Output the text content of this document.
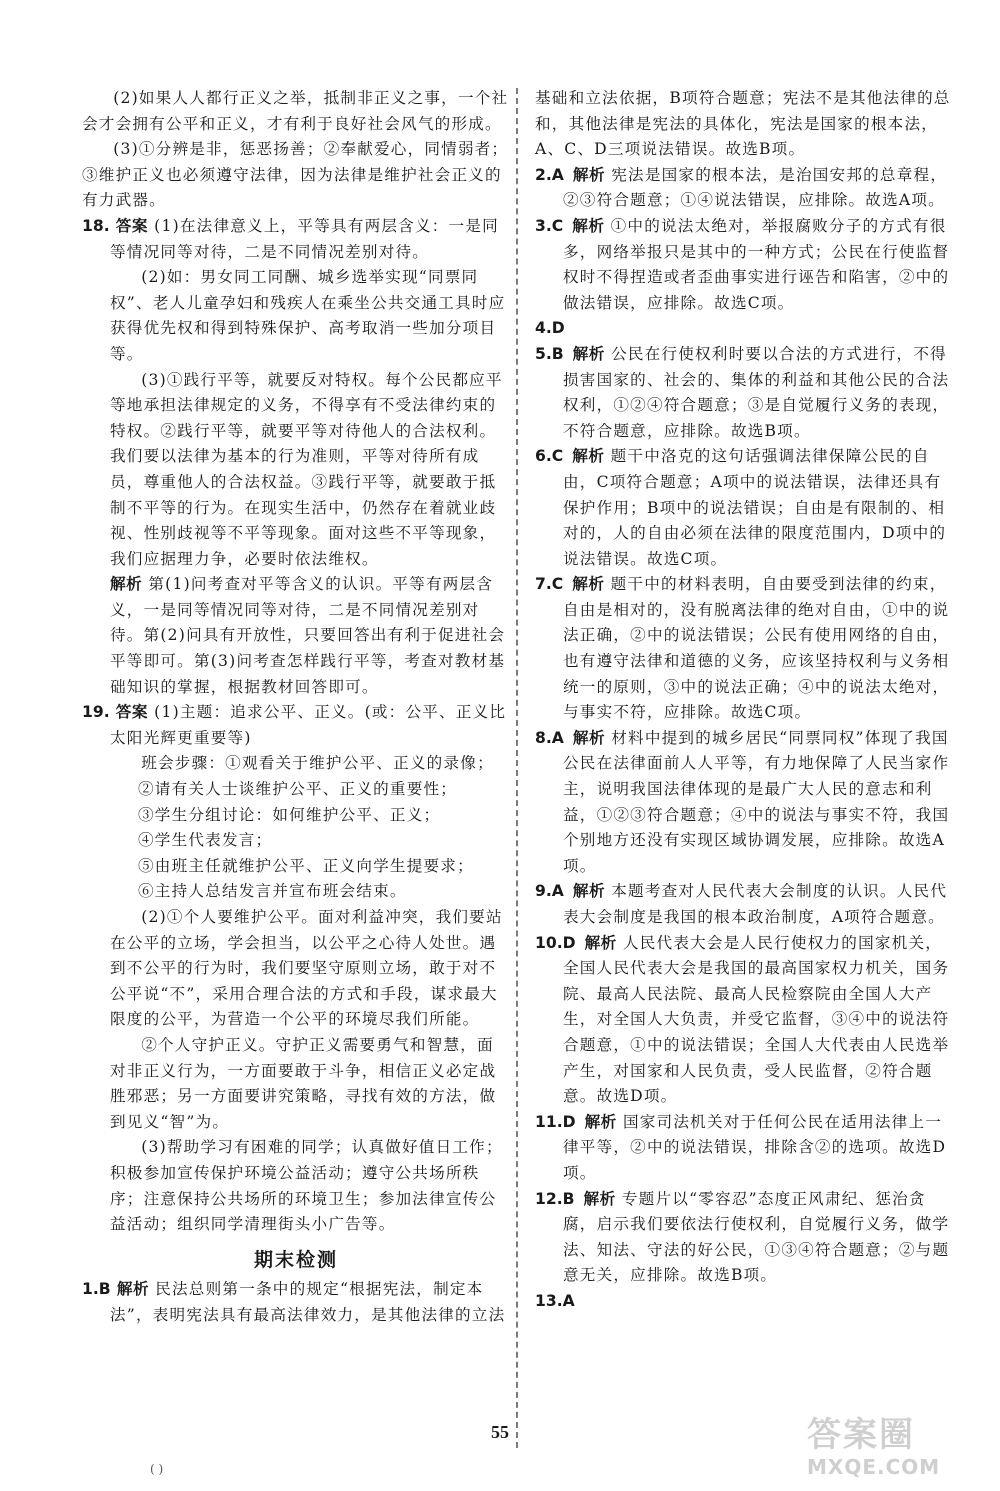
(2)如果人人都行正义之举，抵制非正义之事，一个社会才会拥有公平和正义，才有利于良好社会风气的形成。

(3)①分辨是非，惩恶扬善；②奉献爱心，同情弱者；③维护正义也必须遵守法律，因为法律是维护社会正义的有力武器。

18. 答案 (1)在法律意义上，平等具有两层含义：一是同等情况同等对待，二是不同情况差别对待。

(2)如：男女同工同酬、城乡选举实现“同票同权”、老人儿童孕妇和残疾人在乘坐公共交通工具时应获得优先权和得到特殊保护、高考取消一些加分项目等。

(3)①践行平等，就要反对特权。每个公民都应平等地承担法律规定的义务，不得享有不受法律约束的特权。②践行平等，就要平等对待他人的合法权利。我们要以法律为基本的行为准则，平等对待所有成员，尊重他人的合法权益。③践行平等，就要敢于抵制不平等的行为。在现实生活中，仍然存在着就业歧视、性别歧视等不平等现象。面对这些不平等现象，我们应据理力争，必要时依法维权。

解析 第(1)问考查对平等含义的认识。平等有两层含义，一是同等情况同等对待，二是不同情况差别对待。第(2)问具有开放性，只要回答出有利于促进社会平等即可。第(3)问考查怎样践行平等，考查对教材基础知识的掌握，根据教材回答即可。

19. 答案 (1)主题：追求公平、正义。(或：公平、正义比太阳光辉更重要等)

班会步骤：①观看关于维护公平、正义的录像；

②请有关人士谈维护公平、正义的重要性；

③学生分组讨论：如何维护公平、正义；

④学生代表发言；

⑤由班主任就维护公平、正义向学生提要求；

⑥主持人总结发言并宣布班会结束。

(2)①个人要维护公平。面对利益冲突，我们要站在公平的立场，学会担当，以公平之心待人处世。遇到不公平的行为时，我们要坚守原则立场，敢于对不公平说“不”，采用合理合法的方式和手段，谋求最大限度的公平，为营造一个公平的环境尽我们所能。

②个人守护正义。守护正义需要勇气和智慧，面对非正义行为，一方面要敢于斗争，相信正义必定战胜邪恶；另一方面要讲究策略，寻找有效的方法，做到见义“智”为。

(3)帮助学习有困难的同学；认真做好值日工作；积极参加宣传保护环境公益活动；遵守公共场所秩序；注意保持公共场所的环境卫生；参加法律宣传公益活动；组织同学清理街头小广告等。

期末检测

1.B 解析 民法总则第一条中的规定“根据宪法，制定本法”，表明宪法具有最高法律效力，是其他法律的立法

基础和立法依据，B项符合题意；宪法不是其他法律的总和，其他法律是宪法的具体化，宪法是国家的根本法，A、C、D三项说法错误。故选B项。

2.A  解析 宪法是国家的根本法，是治国安邦的总章程，②③符合题意；①④说法错误，应排除。故选A项。

3.C  解析 ①中的说法太绝对，举报腐败分子的方式有很多，网络举报只是其中的一种方式；公民在行使监督权时不得捏造或者歪曲事实进行诬告和陷害，②中的做法错误，应排除。故选C项。

4.D

5.B  解析 公民在行使权利时要以合法的方式进行，不得损害国家的、社会的、集体的利益和其他公民的合法权利，①②④符合题意；③是自觉履行义务的表现，不符合题意，应排除。故选B项。

6.C  解析 题干中洛克的这句话强调法律保障公民的自由，C项符合题意；A项中的说法错误，法律还具有保护作用；B项中的说法错误；自由是有限制的、相对的，人的自由必须在法律的限度范围内，D项中的说法错误。故选C项。

7.C  解析 题干中的材料表明，自由要受到法律的约束，自由是相对的，没有脱离法律的绝对自由，①中的说法正确，②中的说法错误；公民有使用网络的自由，也有遵守法律和道德的义务，应该坚持权利与义务相统一的原则，③中的说法正确；④中的说法太绝对，与事实不符，应排除。故选C项。

8.A  解析 材料中提到的城乡居民“同票同权”体现了我国公民在法律面前人人平等，有力地保障了人民当家作主，说明我国法律体现的是最广大人民的意志和利益，①②③符合题意；④中的说法与事实不符，我国个别地方还没有实现区域协调发展，应排除。故选A项。

9.A  解析 本题考查对人民代表大会制度的认识。人民代表大会制度是我国的根本政治制度，A项符合题意。

10.D  解析 人民代表大会是人民行使权力的国家机关，全国人民代表大会是我国的最高国家权力机关，国务院、最高人民法院、最高人民检察院由全国人大产生，对全国人大负责，并受它监督，③④中的说法符合题意，①中的说法错误；全国人大代表由人民选举产生，对国家和人民负责，受人民监督，②符合题意。故选D项。

11.D  解析 国家司法机关对于任何公民在适用法律上一律平等，②中的说法错误，排除含②的选项。故选D项。

12.B  解析 专题片以“零容忍”态度正风肃纪、惩治贪腐，启示我们要依法行使权利，自觉履行义务，做学法、知法、守法的好公民，①③④符合题意；②与题意无关，应排除。故选B项。

13.A

55
( )
答案圈
MXQE.COM
